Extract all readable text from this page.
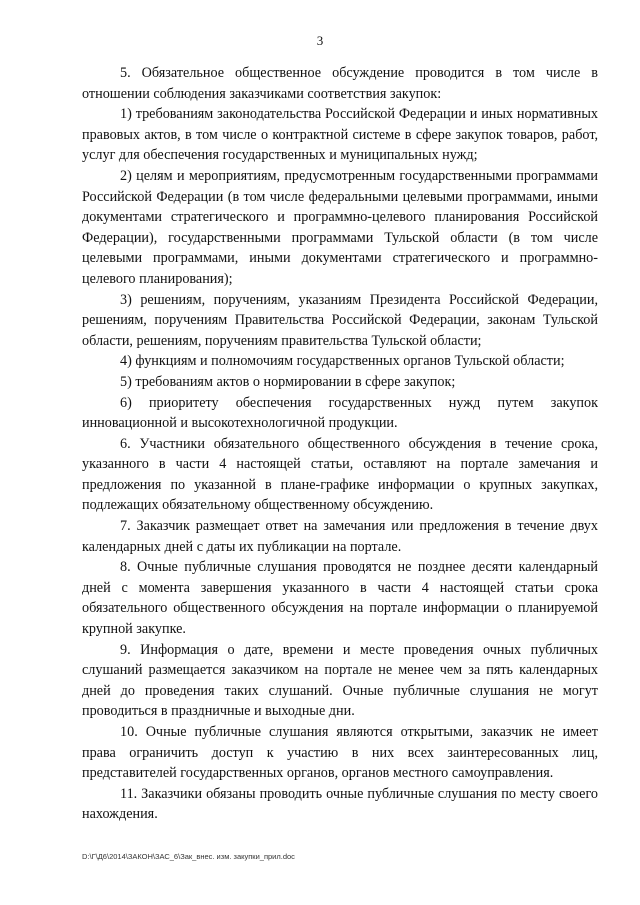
3

5. Обязательное общественное обсуждение проводится в том числе в отношении соблюдения заказчиками соответствия закупок:

1) требованиям законодательства Российской Федерации и иных нормативных правовых актов, в том числе о контрактной системе в сфере закупок товаров, работ, услуг для обеспечения государственных и муниципальных нужд;

2) целям и мероприятиям, предусмотренным государственными программами Российской Федерации (в том числе федеральными целевыми программами, иными документами стратегического и программно-целевого планирования Российской Федерации), государственными программами Тульской области (в том числе целевыми программами, иными документами стратегического и программно-целевого планирования);

3) решениям, поручениям, указаниям Президента Российской Федерации, решениям, поручениям Правительства Российской Федерации, законам Тульской области, решениям, поручениям правительства Тульской области;

4) функциям и полномочиям государственных органов Тульской области;

5) требованиям актов о нормировании в сфере закупок;

6) приоритету обеспечения государственных нужд путем закупок инновационной и высокотехнологичной продукции.

6. Участники обязательного общественного обсуждения в течение срока, указанного в части 4 настоящей статьи, оставляют на портале замечания и предложения по указанной в плане-графике информации о крупных закупках, подлежащих обязательному общественному обсуждению.

7. Заказчик размещает ответ на замечания или предложения в течение двух календарных дней с даты их публикации на портале.

8. Очные публичные слушания проводятся не позднее десяти календарный дней с момента завершения указанного в части 4 настоящей статьи срока обязательного общественного обсуждения на портале информации о планируемой крупной закупке.

9. Информация о дате, времени и месте проведения очных публичных слушаний размещается заказчиком на портале не менее чем за пять календарных дней до проведения таких слушаний. Очные публичные слушания не могут проводиться в праздничные и выходные дни.

10. Очные публичные слушания являются открытыми, заказчик не имеет права ограничить доступ к участию в них всех заинтересованных лиц, представителей государственных органов, органов местного самоуправления.

11. Заказчики обязаны проводить очные публичные слушания по месту своего нахождения.

D:\Г\Д6\2014\ЗАКОН\ЗАС_6\Зак_внес. изм. закупки_прил.doc
